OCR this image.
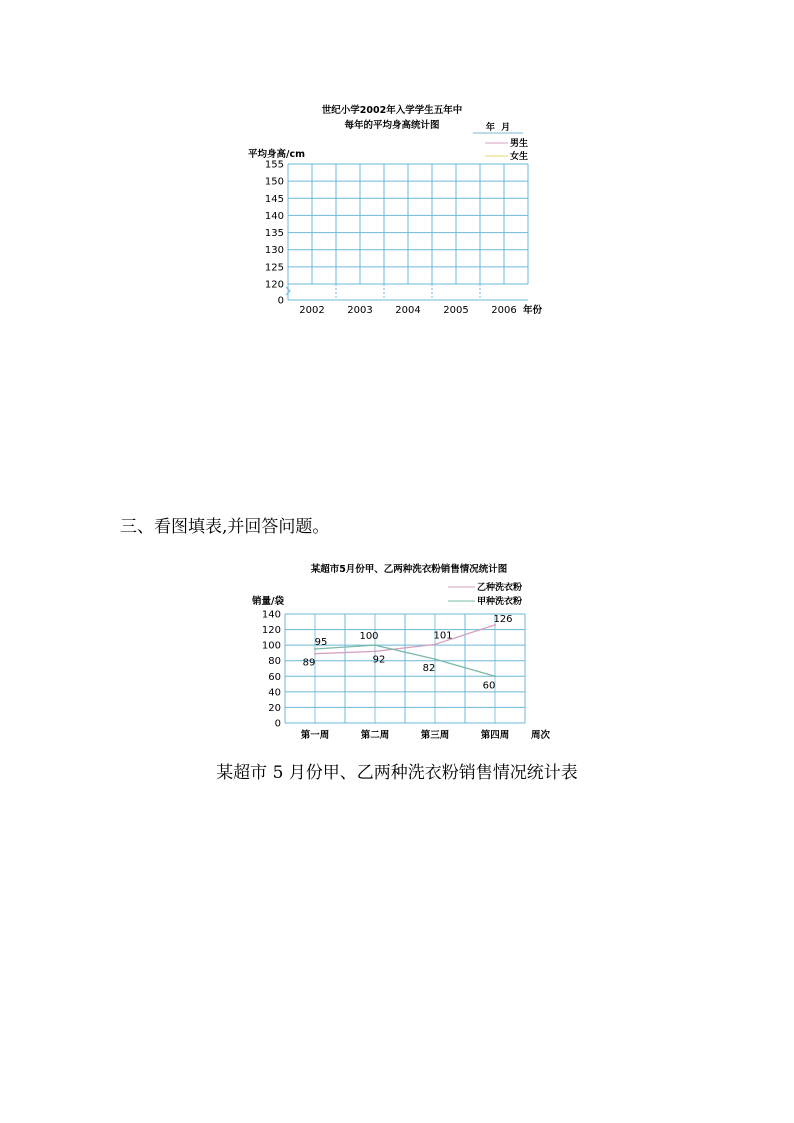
世纪小学2002年入学学生五年中
每年的平均身高统计图	年  月
男生
女生
平均身高/cm
0
120
125
130
135
140
145
150
155
2002 2003 2004 2005 2006 年份
三、看图填表,并回答问题。
某超市5月份甲、乙两种洗衣粉销售情况统计图
乙种洗衣粉
甲种洗衣粉
销量/袋
0
20
40
60
80
100
120
140
第一周	第二周	第三周	第四周
89	92
101
126
95
100
82
60
周次
某超市 5 月份甲、乙两种洗衣粉销售情况统计表
